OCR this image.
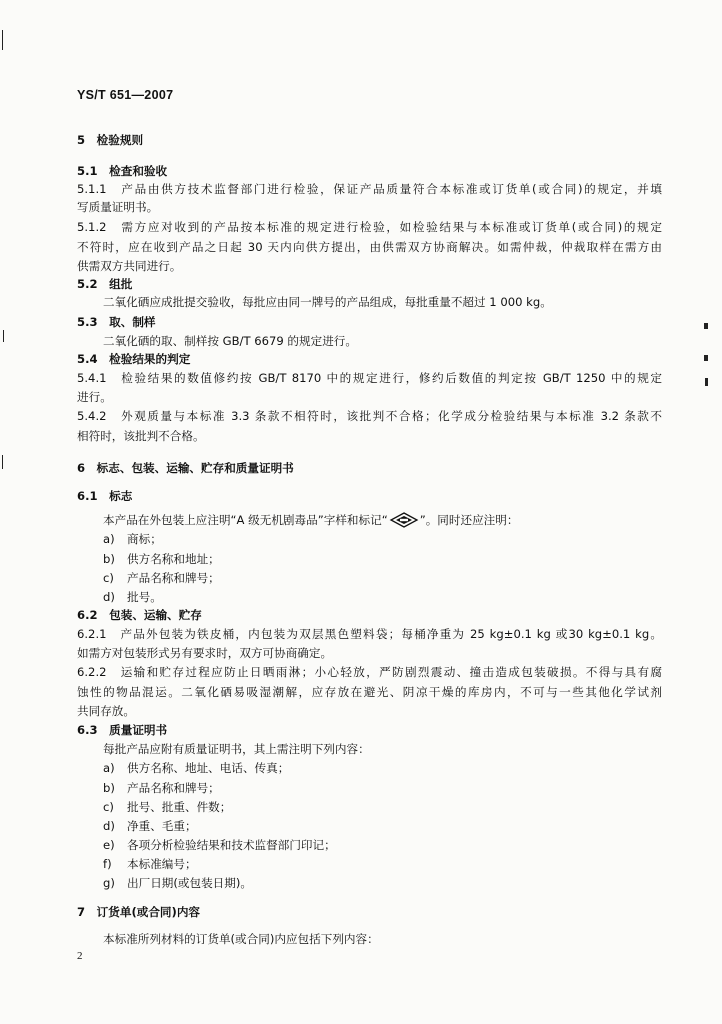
YS/T 651—2007
5　检验规则
5.1　检查和验收
5.1.1　产品由供方技术监督部门进行检验，保证产品质量符合本标准或订货单(或合同)的规定，并填
写质量证明书。
5.1.2　需方应对收到的产品按本标准的规定进行检验，如检验结果与本标准或订货单(或合同)的规定
不符时，应在收到产品之日起 30 天内向供方提出，由供需双方协商解决。如需仲裁，仲裁取样在需方由
供需双方共同进行。
5.2　组批
二氧化硒应成批提交验收，每批应由同一牌号的产品组成，每批重量不超过 1 000 kg。
5.3　取、制样
二氧化硒的取、制样按 GB/T 6679 的规定进行。
5.4　检验结果的判定
5.4.1　检验结果的数值修约按 GB/T 8170 中的规定进行，修约后数值的判定按 GB/T 1250 中的规定
进行。
5.4.2　外观质量与本标准 3.3 条款不相符时，该批判不合格；化学成分检验结果与本标准 3.2 条款不
相符时，该批判不合格。
6　标志、包装、运输、贮存和质量证明书
6.1　标志
本产品在外包装上应注明“A 级无机剧毒品”字样和标记“	”。同时还应注明：
a) 商标；
b) 供方名称和地址；
c) 产品名称和牌号；
d) 批号。
6.2　包装、运输、贮存
6.2.1　产品外包装为铁皮桶，内包装为双层黑色塑料袋；每桶净重为 25 kg±0.1 kg 或30 kg±0.1 kg。
如需方对包装形式另有要求时，双方可协商确定。
6.2.2　运输和贮存过程应防止日晒雨淋；小心轻放，严防剧烈震动、撞击造成包装破损。不得与具有腐
蚀性的物品混运。二氧化硒易吸湿潮解，应存放在避光、阴凉干燥的库房内，不可与一些其他化学试剂
共同存放。
6.3　质量证明书
每批产品应附有质量证明书，其上需注明下列内容：
a) 供方名称、地址、电话、传真；
b) 产品名称和牌号；
c) 批号、批重、件数；
d) 净重、毛重；
e) 各项分析检验结果和技术监督部门印记；
f) 本标准编号；
g) 出厂日期(或包装日期)。
7　订货单(或合同)内容
本标准所列材料的订货单(或合同)内应包括下列内容：
2
